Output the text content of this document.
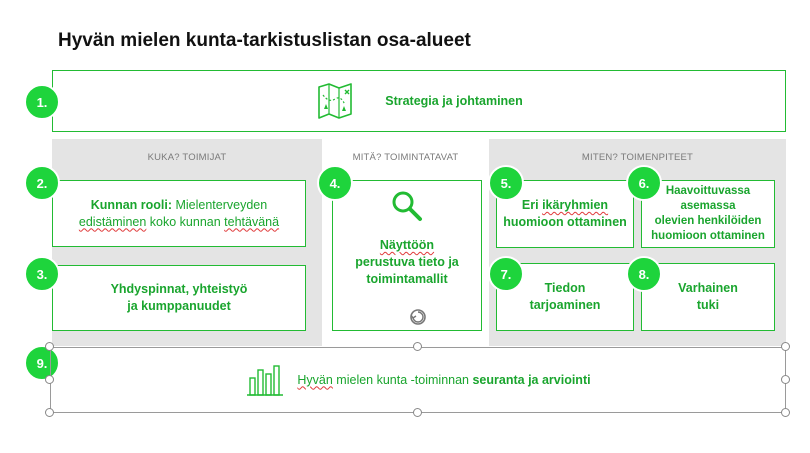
Hyvän mielen kunta-tarkistuslistan osa-alueet
KUKA? TOIMIJAT	MITÄ? TOIMINTATAVAT	MITEN? TOIMENPITEET
Strategia ja johtaminen
1.
Kunnan rooli: Mielenterveyden
edistäminen koko kunnan tehtävänä
2.
Yhdyspinnat, yhteistyö
ja kumppanuudet
3.
Näyttöön
perustuva tieto ja
toimintamallit
4.
Eri ikäryhmien
huomioon ottaminen
5.
Haavoittuvassa
asemassa
olevien henkilöiden
huomioon ottaminen
6.
Tiedon
tarjoaminen
7.
Varhainen
tuki
8.
Hyvän mielen kunta -toiminnan seuranta ja arviointi
9.
